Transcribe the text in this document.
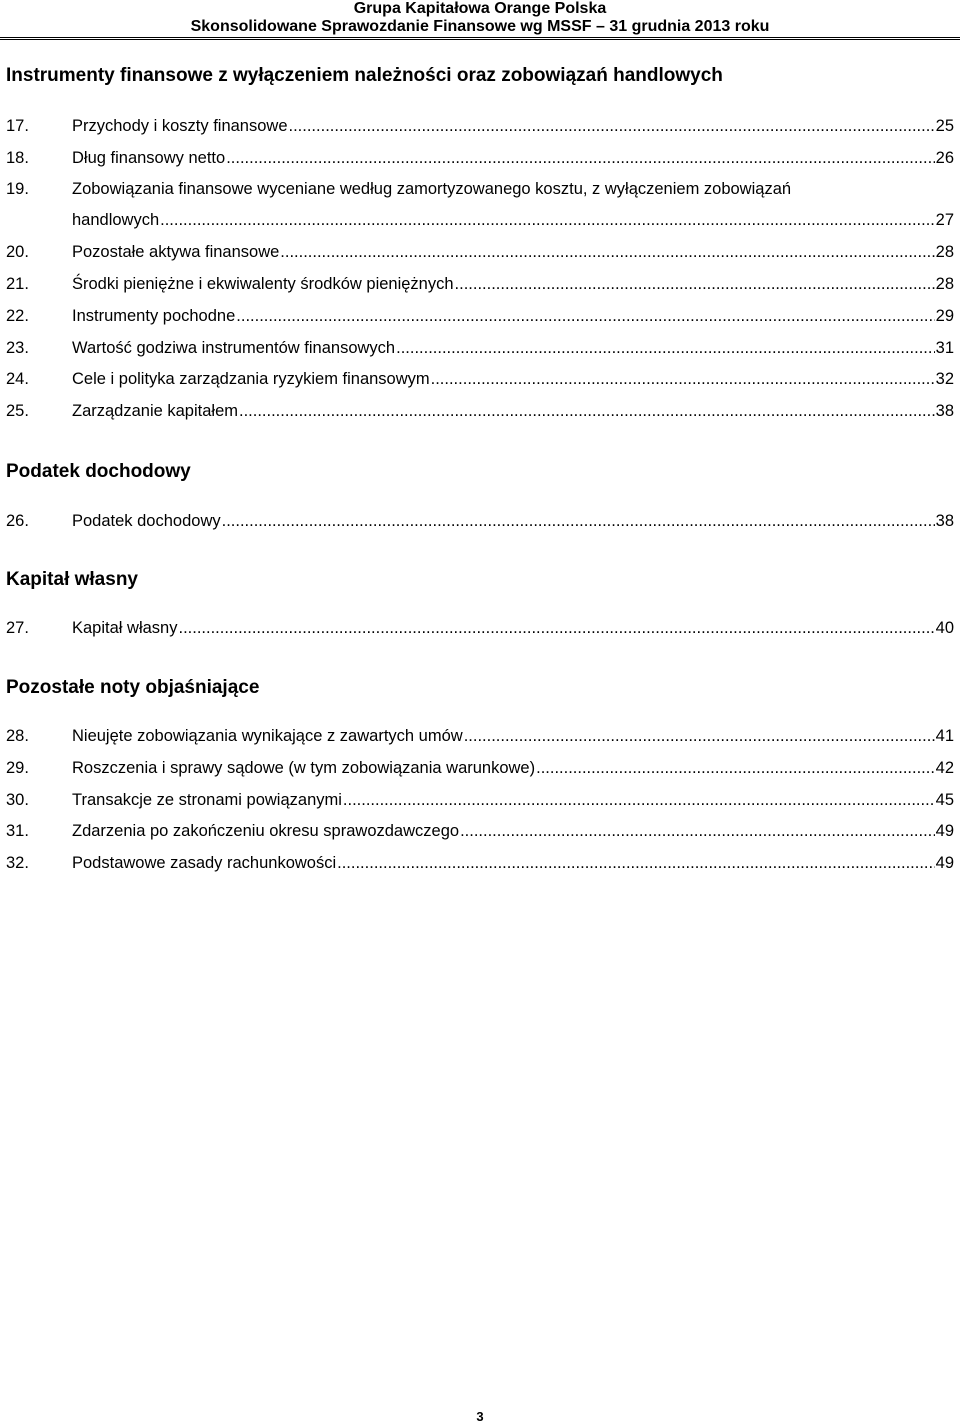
Grupa Kapitałowa Orange Polska
Skonsolidowane Sprawozdanie Finansowe wg MSSF – 31 grudnia 2013 roku
Instrumenty finansowe z wyłączeniem należności oraz zobowiązań handlowych
17.	Przychody i koszty finansowe .....	25
18.	Dług finansowy netto .....	26
19.	Zobowiązania finansowe wyceniane według zamortyzowanego kosztu, z wyłączeniem zobowiązań
handlowych .....	27
20.	Pozostałe aktywa finansowe .....	28
21.	Środki pieniężne i ekwiwalenty środków pieniężnych .....	28
22.	Instrumenty pochodne .....	29
23.	Wartość godziwa instrumentów finansowych .....	31
24.	Cele i polityka zarządzania ryzykiem finansowym .....	32
25.	Zarządzanie kapitałem .....	38
Podatek dochodowy
26.	Podatek dochodowy .....	38
Kapitał własny
27.	Kapitał własny .....	40
Pozostałe noty objaśniające
28.	Nieujęte zobowiązania wynikające z zawartych umów .....	41
29.	Roszczenia i sprawy sądowe (w tym zobowiązania warunkowe) .....	42
30.	Transakcje ze stronami powiązanymi .....	45
31.	Zdarzenia po zakończeniu okresu sprawozdawczego .....	49
32.	Podstawowe zasady rachunkowości .....	49
3
